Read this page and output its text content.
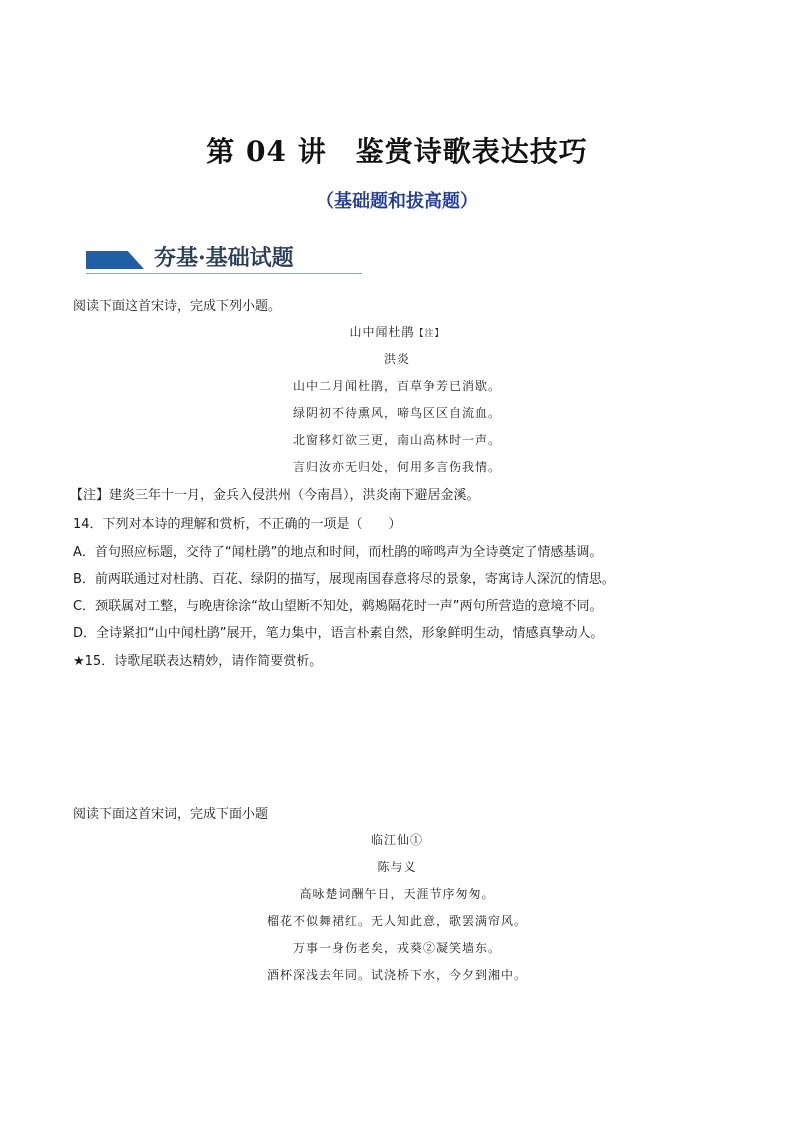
第 04 讲　鉴赏诗歌表达技巧
（基础题和拔高题）
夯基·基础试题
阅读下面这首宋诗，完成下列小题。
山中闻杜鹃【注】
洪炎
山中二月闻杜鹃，百草争芳已消歇。
绿阴初不待熏风，啼鸟区区自流血。
北窗移灯欲三更，南山高林时一声。
言归汝亦无归处，何用多言伤我情。
【注】建炎三年十一月，金兵入侵洪州（今南昌），洪炎南下避居金溪。
14．下列对本诗的理解和赏析，不正确的一项是（　　）
A．首句照应标题，交待了“闻杜鹃”的地点和时间，而杜鹃的啼鸣声为全诗奠定了情感基调。
B．前两联通过对杜鹃、百花、绿阴的描写，展现南国春意将尽的景象，寄寓诗人深沉的情思。
C．颈联属对工整，与晚唐徐涂“故山望断不知处，鹈鴂隔花时一声”两句所营造的意境不同。
D．全诗紧扣“山中闻杜鹃”展开，笔力集中，语言朴素自然，形象鲜明生动，情感真挚动人。
★15．诗歌尾联表达精妙，请作简要赏析。
阅读下面这首宋词，完成下面小题
临江仙①
陈与义
高咏楚词酬午日，天涯节序匆匆。
榴花不似舞裙红。无人知此意，歌罢满帘风。
万事一身伤老矣，戎葵②凝笑墙东。
酒杯深浅去年同。试浇桥下水，今夕到湘中。
